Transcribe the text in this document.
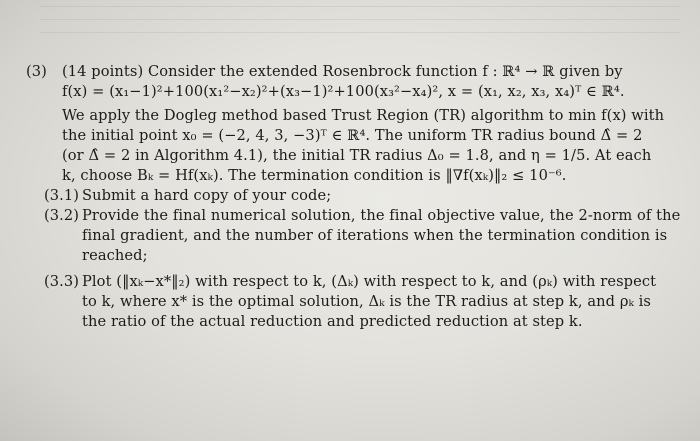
(3) (14 points) Consider the extended Rosenbrock function f : ℝ⁴ → ℝ given by
f(x) = (x₁−1)²+100(x₁²−x₂)²+(x₃−1)²+100(x₃²−x₄)², x = (x₁, x₂, x₃, x₄)ᵀ ∈ ℝ⁴.
We apply the Dogleg method based Trust Region (TR) algorithm to min f(x) with
the initial point x₀ = (−2, 4, 3, −3)ᵀ ∈ ℝ⁴. The uniform TR radius bound Δ̂ = 2
(or Δ̂ = 2 in Algorithm 4.1), the initial TR radius Δ₀ = 1.8, and η = 1/5. At each
k, choose Bₖ = Hf(xₖ). The termination condition is ‖∇f(xₖ)‖₂ ≤ 10⁻⁶.
(3.1) Submit a hard copy of your code;
(3.2) Provide the final numerical solution, the final objective value, the 2-norm of the
final gradient, and the number of iterations when the termination condition is
reached;
(3.3) Plot (‖xₖ−x*‖₂) with respect to k, (Δₖ) with respect to k, and (ρₖ) with respect
to k, where x* is the optimal solution, Δₖ is the TR radius at step k, and ρₖ is
the ratio of the actual reduction and predicted reduction at step k.
